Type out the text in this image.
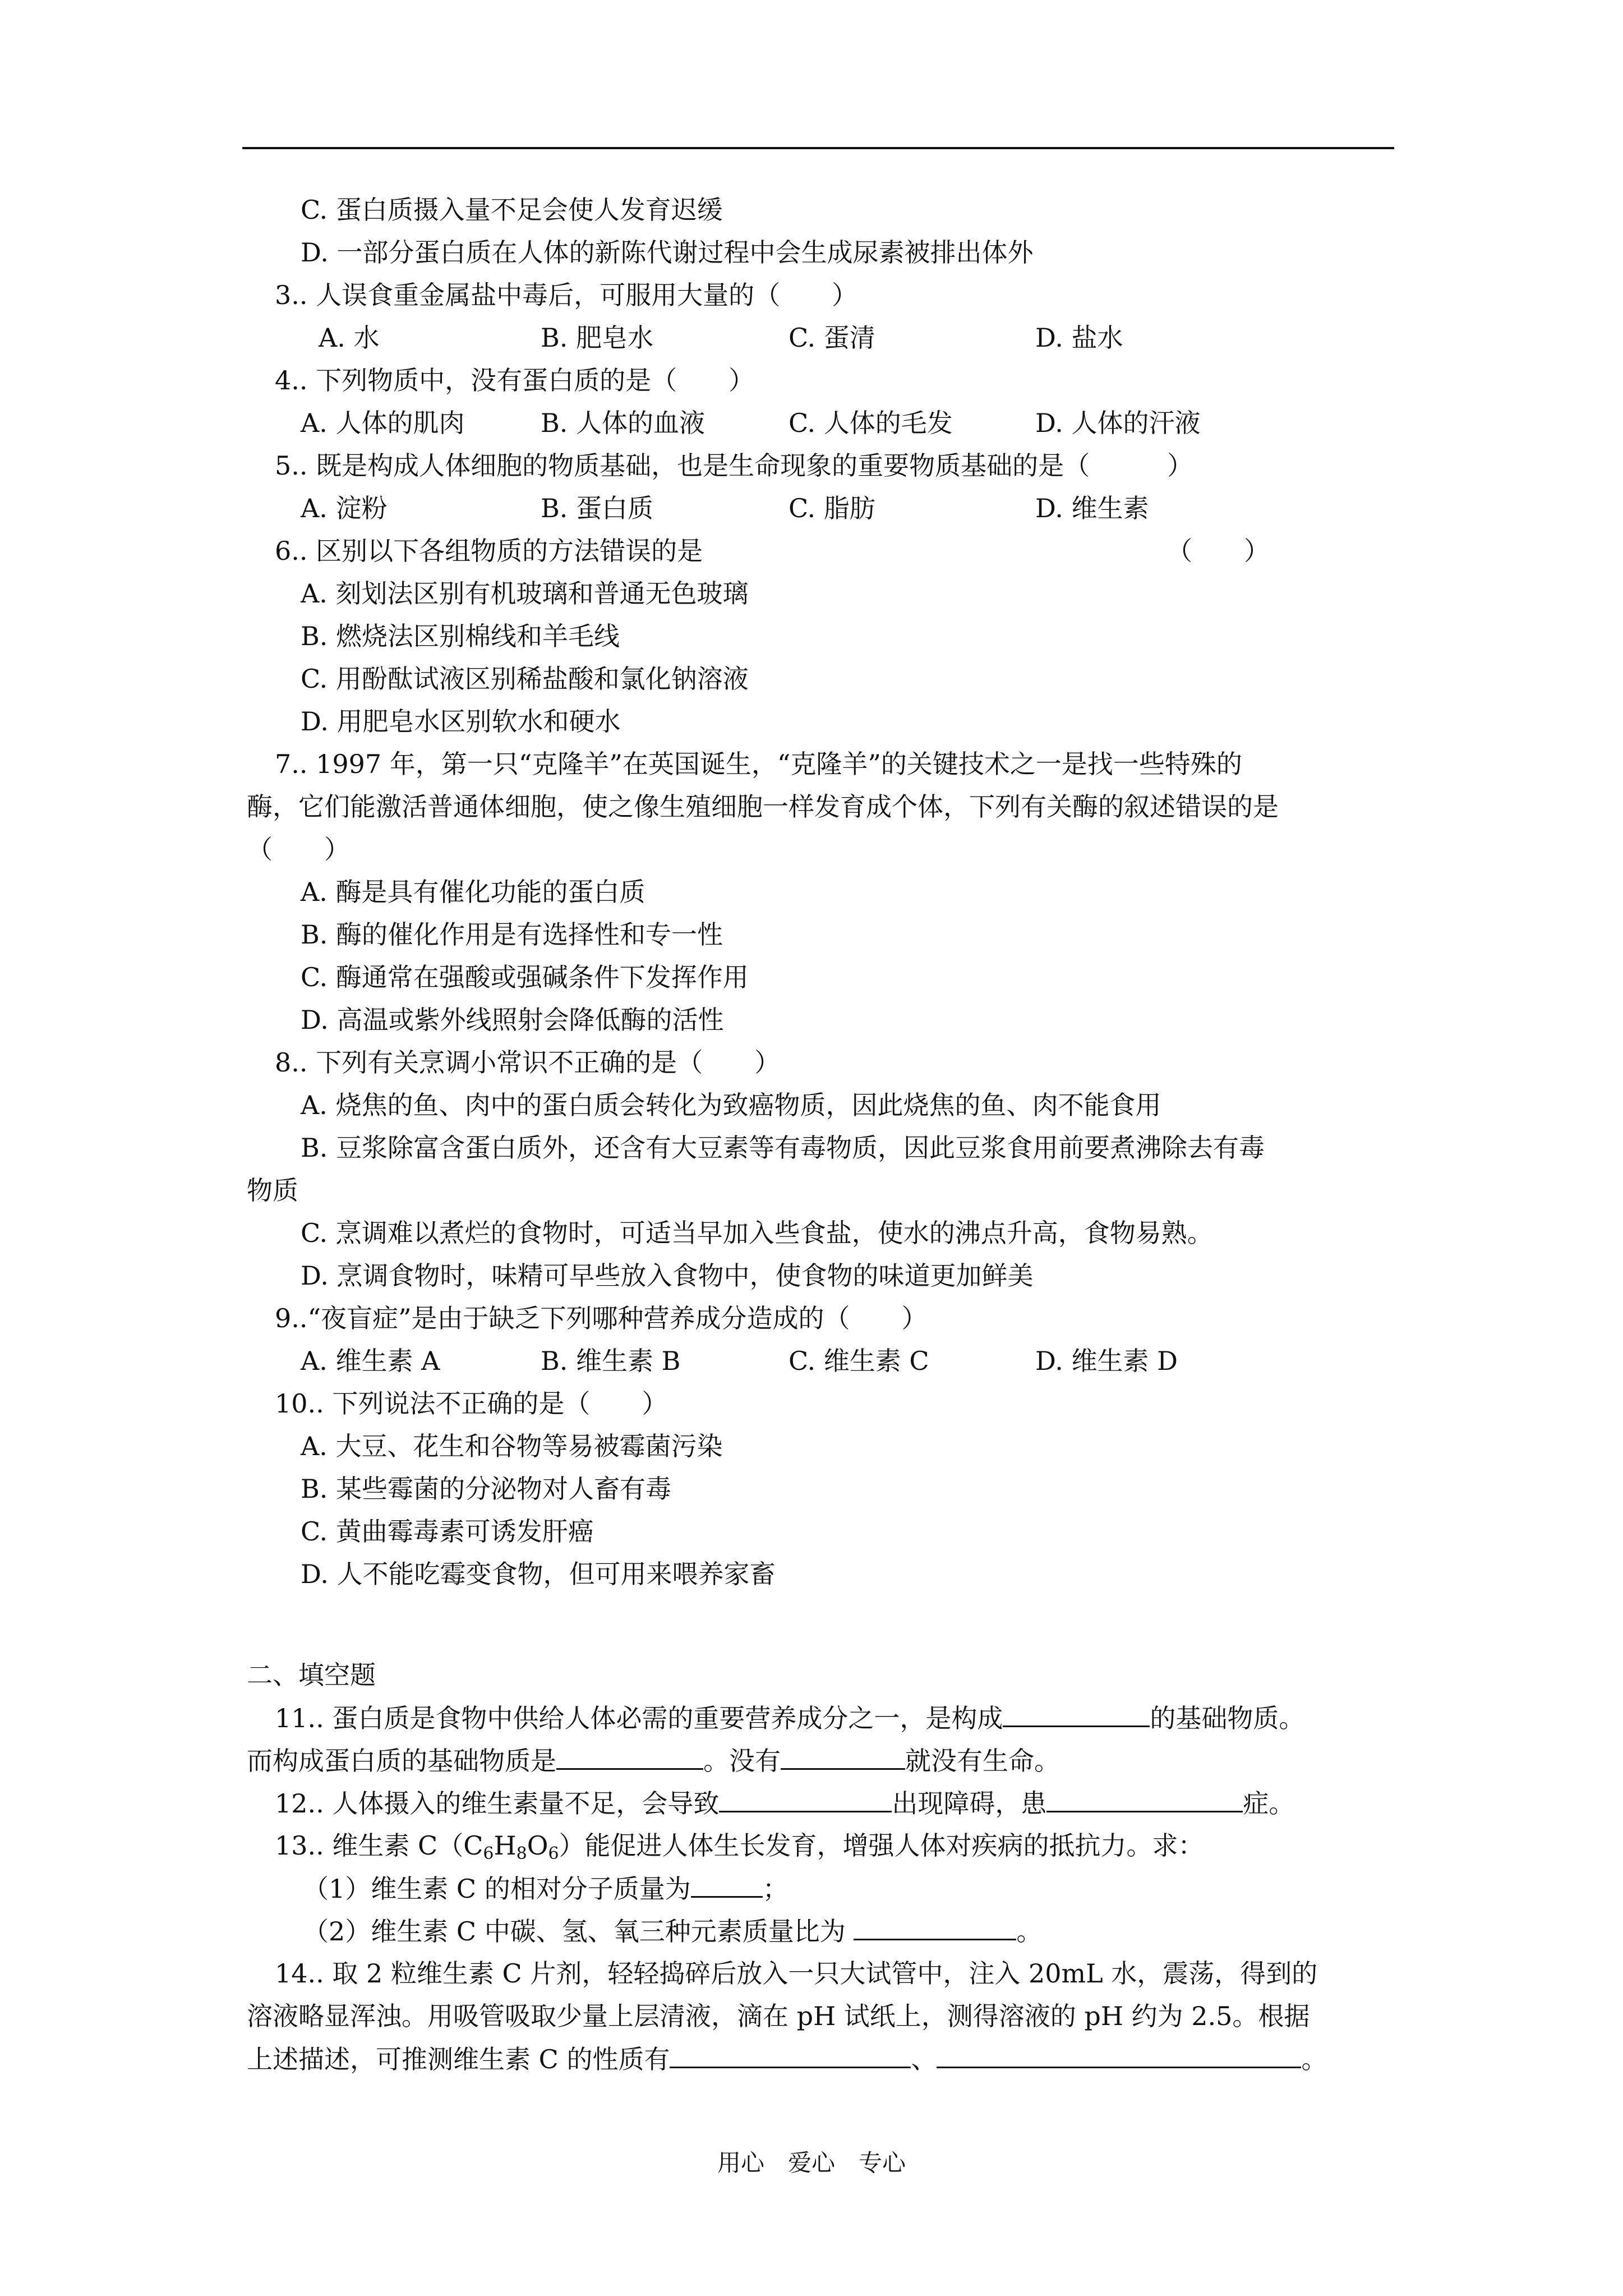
C. 蛋白质摄入量不足会使人发育迟缓
D. 一部分蛋白质在人体的新陈代谢过程中会生成尿素被排出体外
3.. 人误食重金属盐中毒后，可服用大量的（　　）
A. 水	B. 肥皂水	C. 蛋清	D. 盐水
4.. 下列物质中，没有蛋白质的是（　　）
A. 人体的肌肉	B. 人体的血液	C. 人体的毛发	D. 人体的汗液
5.. 既是构成人体细胞的物质基础，也是生命现象的重要物质基础的是（　　　）
A. 淀粉	B. 蛋白质	C. 脂肪	D. 维生素
6.. 区别以下各组物质的方法错误的是	（　　）
A. 刻划法区别有机玻璃和普通无色玻璃
B. 燃烧法区别棉线和羊毛线
C. 用酚酞试液区别稀盐酸和氯化钠溶液
D. 用肥皂水区别软水和硬水
7.. 1997 年，第一只“克隆羊”在英国诞生，“克隆羊”的关键技术之一是找一些特殊的
酶，它们能激活普通体细胞，使之像生殖细胞一样发育成个体，下列有关酶的叙述错误的是
（　　）
A. 酶是具有催化功能的蛋白质
B. 酶的催化作用是有选择性和专一性
C. 酶通常在强酸或强碱条件下发挥作用
D. 高温或紫外线照射会降低酶的活性
8.. 下列有关烹调小常识不正确的是（　　）
A. 烧焦的鱼、肉中的蛋白质会转化为致癌物质，因此烧焦的鱼、肉不能食用
B. 豆浆除富含蛋白质外，还含有大豆素等有毒物质，因此豆浆食用前要煮沸除去有毒
物质
C. 烹调难以煮烂的食物时，可适当早加入些食盐，使水的沸点升高，食物易熟。
D. 烹调食物时，味精可早些放入食物中，使食物的味道更加鲜美
9..“夜盲症”是由于缺乏下列哪种营养成分造成的（　　）
A. 维生素 A	B. 维生素 B	C. 维生素 C	D. 维生素 D
10.. 下列说法不正确的是（　　）
A. 大豆、花生和谷物等易被霉菌污染
B. 某些霉菌的分泌物对人畜有毒
C. 黄曲霉毒素可诱发肝癌
D. 人不能吃霉变食物，但可用来喂养家畜
二、填空题
11.. 蛋白质是食物中供给人体必需的重要营养成分之一，是构成	的基础物质。
而构成蛋白质的基础物质是	。没有	就没有生命。
12.. 人体摄入的维生素量不足，会导致	出现障碍，患	症。
13.. 维生素 $C(C_6H_8O_6)$能促进人体生长发育，增强人体对疾病的抵抗力。求：
（1）维生素 C 的相对分子质量为	；
（2）维生素 C 中碳、氢、氧三种元素质量比为	。
14.. 取 2 粒维生素 C 片剂，轻轻捣碎后放入一只大试管中，注入 20mL 水，震荡，得到的
溶液略显浑浊。用吸管吸取少量上层清液，滴在 pH 试纸上，测得溶液的 pH 约为 2.5。根据
上述描述，可推测维生素 C 的性质有	、	。
用心　爱心　专心
